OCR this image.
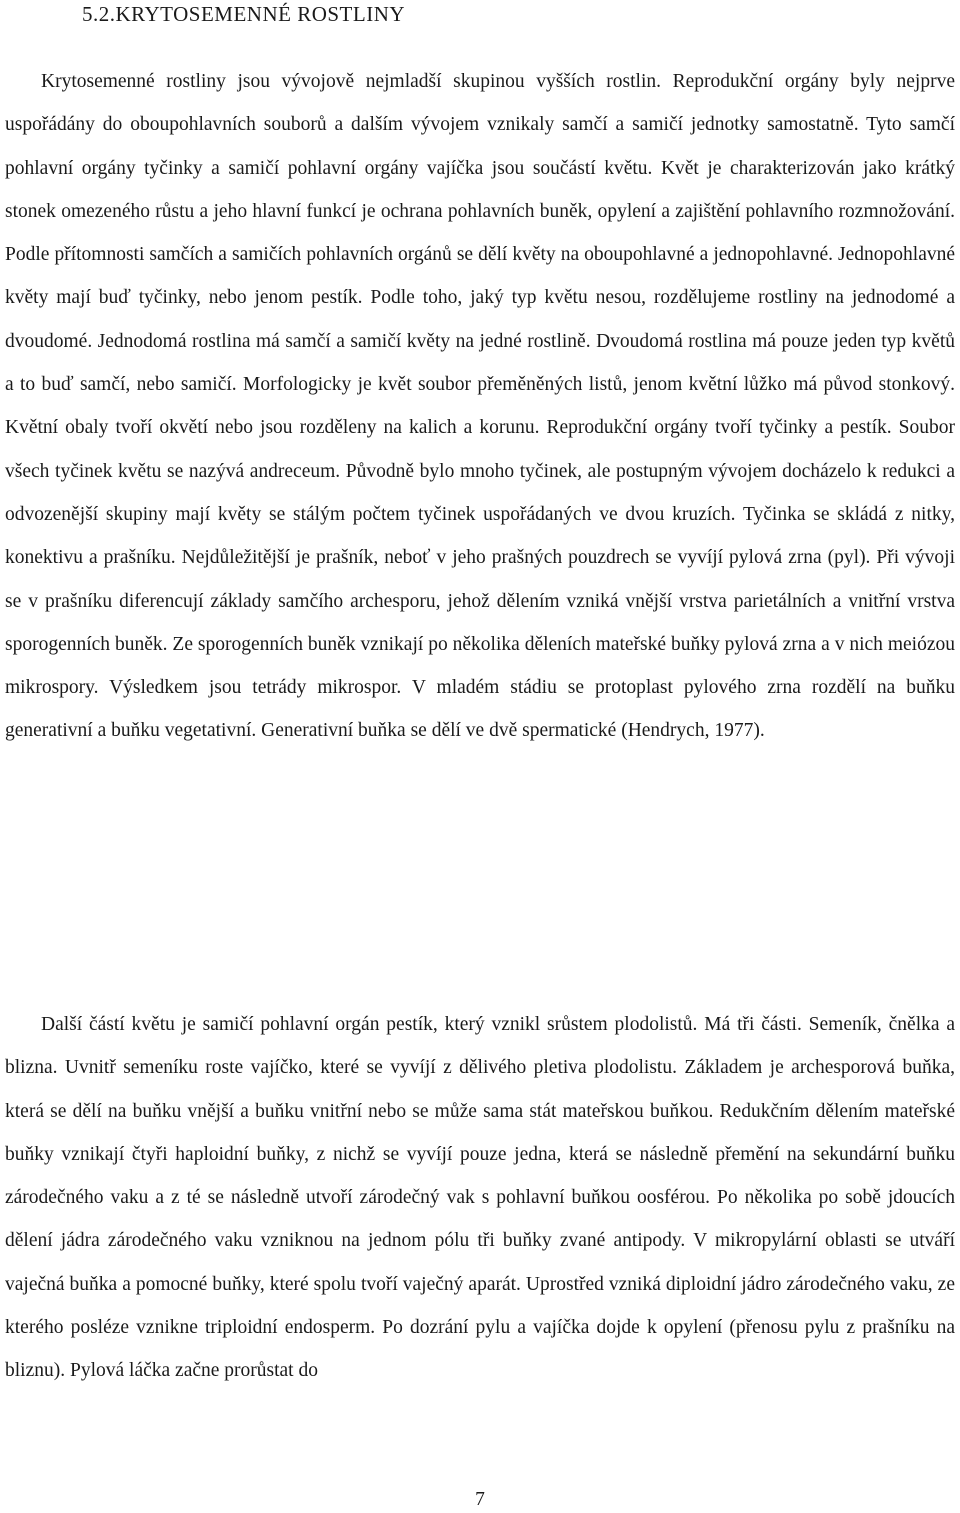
5.2.KRYTOSEMENNÉ ROSTLINY

Krytosemenné rostliny jsou vývojově nejmladší skupinou vyšších rostlin. Reprodukční orgány byly nejprve uspořádány do oboupohlavních souborů a dalším vývojem vznikaly samčí a samičí jednotky samostatně. Tyto samčí pohlavní orgány tyčinky a samičí pohlavní orgány vajíčka jsou součástí květu. Květ je charakterizován jako krátký stonek omezeného růstu a jeho hlavní funkcí je ochrana pohlavních buněk, opylení a zajištění pohlavního rozmnožování. Podle přítomnosti samčích a samičích pohlavních orgánů se dělí květy na oboupohlavné a jednopohlavné. Jednopohlavné květy mají buď tyčinky, nebo jenom pestík. Podle toho, jaký typ květu nesou, rozdělujeme rostliny na jednodomé a dvoudomé. Jednodomá rostlina má samčí a samičí květy na jedné rostlině. Dvoudomá rostlina má pouze jeden typ květů a to buď samčí, nebo samičí. Morfologicky je květ soubor přeměněných listů, jenom květní lůžko má původ stonkový. Květní obaly tvoří okvětí nebo jsou rozděleny na kalich a korunu. Reprodukční orgány tvoří tyčinky a pestík. Soubor všech tyčinek květu se nazývá andreceum. Původně bylo mnoho tyčinek, ale postupným vývojem docházelo k redukci a odvozenější skupiny mají květy se stálým počtem tyčinek uspořádaných ve dvou kruzích. Tyčinka se skládá z nitky, konektivu a prašníku. Nejdůležitější je prašník, neboť v jeho prašných pouzdrech se vyvíjí pylová zrna (pyl). Při vývoji se v prašníku diferencují základy samčího archesporu, jehož dělením vzniká vnější vrstva parietálních a vnitřní vrstva sporogenních buněk. Ze sporogenních buněk vznikají po několika děleních mateřské buňky pylová zrna a v nich meiózou mikrospory. Výsledkem jsou tetrády mikrospor. V mladém stádiu se protoplast pylového zrna rozdělí na buňku generativní a buňku vegetativní. Generativní buňka se dělí ve dvě spermatické (Hendrych, 1977).

Další částí květu je samičí pohlavní orgán pestík, který vznikl srůstem plodolistů. Má tři části. Semeník, čnělka a blizna. Uvnitř semeníku roste vajíčko, které se vyvíjí z dělivého pletiva plodolistu. Základem je archesporová buňka, která se dělí na buňku vnější a buňku vnitřní nebo se může sama stát mateřskou buňkou. Redukčním dělením mateřské buňky vznikají čtyři haploidní buňky, z nichž se vyvíjí pouze jedna, která se následně přemění na sekundární buňku zárodečného vaku a z té se následně utvoří zárodečný vak s pohlavní buňkou oosférou. Po několika po sobě jdoucích dělení jádra zárodečného vaku vzniknou na jednom pólu tři buňky zvané antipody. V mikropylární oblasti se utváří vaječná buňka a pomocné buňky, které spolu tvoří vaječný aparát. Uprostřed vzniká diploidní jádro zárodečného vaku, ze kterého posléze vznikne triploidní endosperm. Po dozrání pylu a vajíčka dojde k opylení (přenosu pylu z prašníku na bliznu). Pylová láčka začne prorůstat do

7
